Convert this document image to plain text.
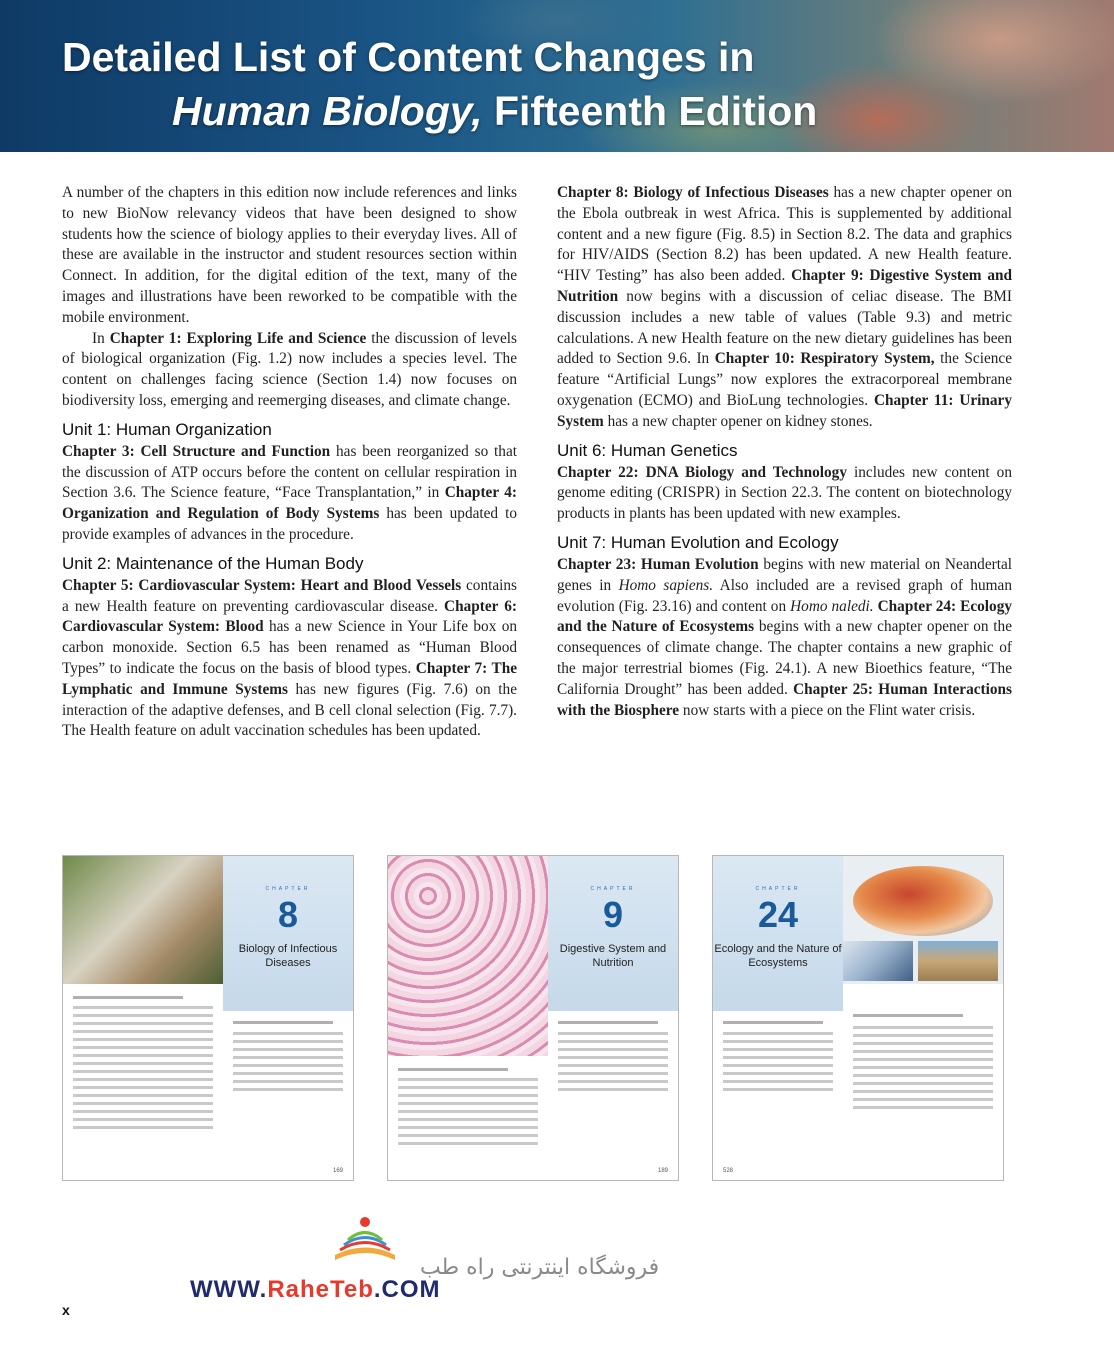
Detailed List of Content Changes in
Human Biology, Fifteenth Edition

A number of the chapters in this edition now include references and links to new BioNow relevancy videos that have been designed to show students how the science of biology applies to their everyday lives. All of these are available in the instructor and student resources section within Connect. In addition, for the digital edition of the text, many of the images and illustrations have been reworked to be compatible with the mobile environment.

In Chapter 1: Exploring Life and Science the discussion of levels of biological organization (Fig. 1.2) now includes a species level. The content on challenges facing science (Section 1.4) now focuses on biodiversity loss, emerging and reemerging diseases, and climate change.

Unit 1: Human Organization

Chapter 3: Cell Structure and Function has been reorganized so that the discussion of ATP occurs before the content on cellular respiration in Section 3.6. The Science feature, “Face Transplantation,” in Chapter 4: Organization and Regulation of Body Systems has been updated to provide examples of advances in the procedure.

Unit 2: Maintenance of the Human Body

Chapter 5: Cardiovascular System: Heart and Blood Vessels contains a new Health feature on preventing cardiovascular disease. Chapter 6: Cardiovascular System: Blood has a new Science in Your Life box on carbon monoxide. Section 6.5 has been renamed as “Human Blood Types” to indicate the focus on the basis of blood types. Chapter 7: The Lymphatic and Immune Systems has new figures (Fig. 7.6) on the interaction of the adaptive defenses, and B cell clonal selection (Fig. 7.7). The Health feature on adult vaccination schedules has been updated.

Chapter 8: Biology of Infectious Diseases has a new chapter opener on the Ebola outbreak in west Africa. This is supplemented by additional content and a new figure (Fig. 8.5) in Section 8.2. The data and graphics for HIV/AIDS (Section 8.2) has been updated. A new Health feature. “HIV Testing” has also been added. Chapter 9: Digestive System and Nutrition now begins with a discussion of celiac disease. The BMI discussion includes a new table of values (Table 9.3) and metric calculations. A new Health feature on the new dietary guidelines has been added to Section 9.6. In Chapter 10: Respiratory System, the Science feature “Artificial Lungs” now explores the extracorporeal membrane oxygenation (ECMO) and BioLung technologies. Chapter 11: Urinary System has a new chapter opener on kidney stones.

Unit 6: Human Genetics

Chapter 22: DNA Biology and Technology includes new content on genome editing (CRISPR) in Section 22.3. The content on biotechnology products in plants has been updated with new examples.

Unit 7: Human Evolution and Ecology

Chapter 23: Human Evolution begins with new material on Neandertal genes in Homo sapiens. Also included are a revised graph of human evolution (Fig. 23.16) and content on Homo naledi. Chapter 24: Ecology and the Nature of Ecosystems begins with a new chapter opener on the consequences of climate change. The chapter contains a new graphic of the major terrestrial biomes (Fig. 24.1). A new Bioethics feature, “The California Drought” has been added. Chapter 25: Human Interactions with the Biosphere now starts with a piece on the Flint water crisis.

CHAPTER
8
Biology of Infectious Diseases
169
CHAPTER
9
Digestive System and Nutrition
189
CHAPTER
24
Ecology and the Nature of Ecosystems
528
فروشگاه اینترنتی راه طب
WWW.RaheTeb.COM
x
